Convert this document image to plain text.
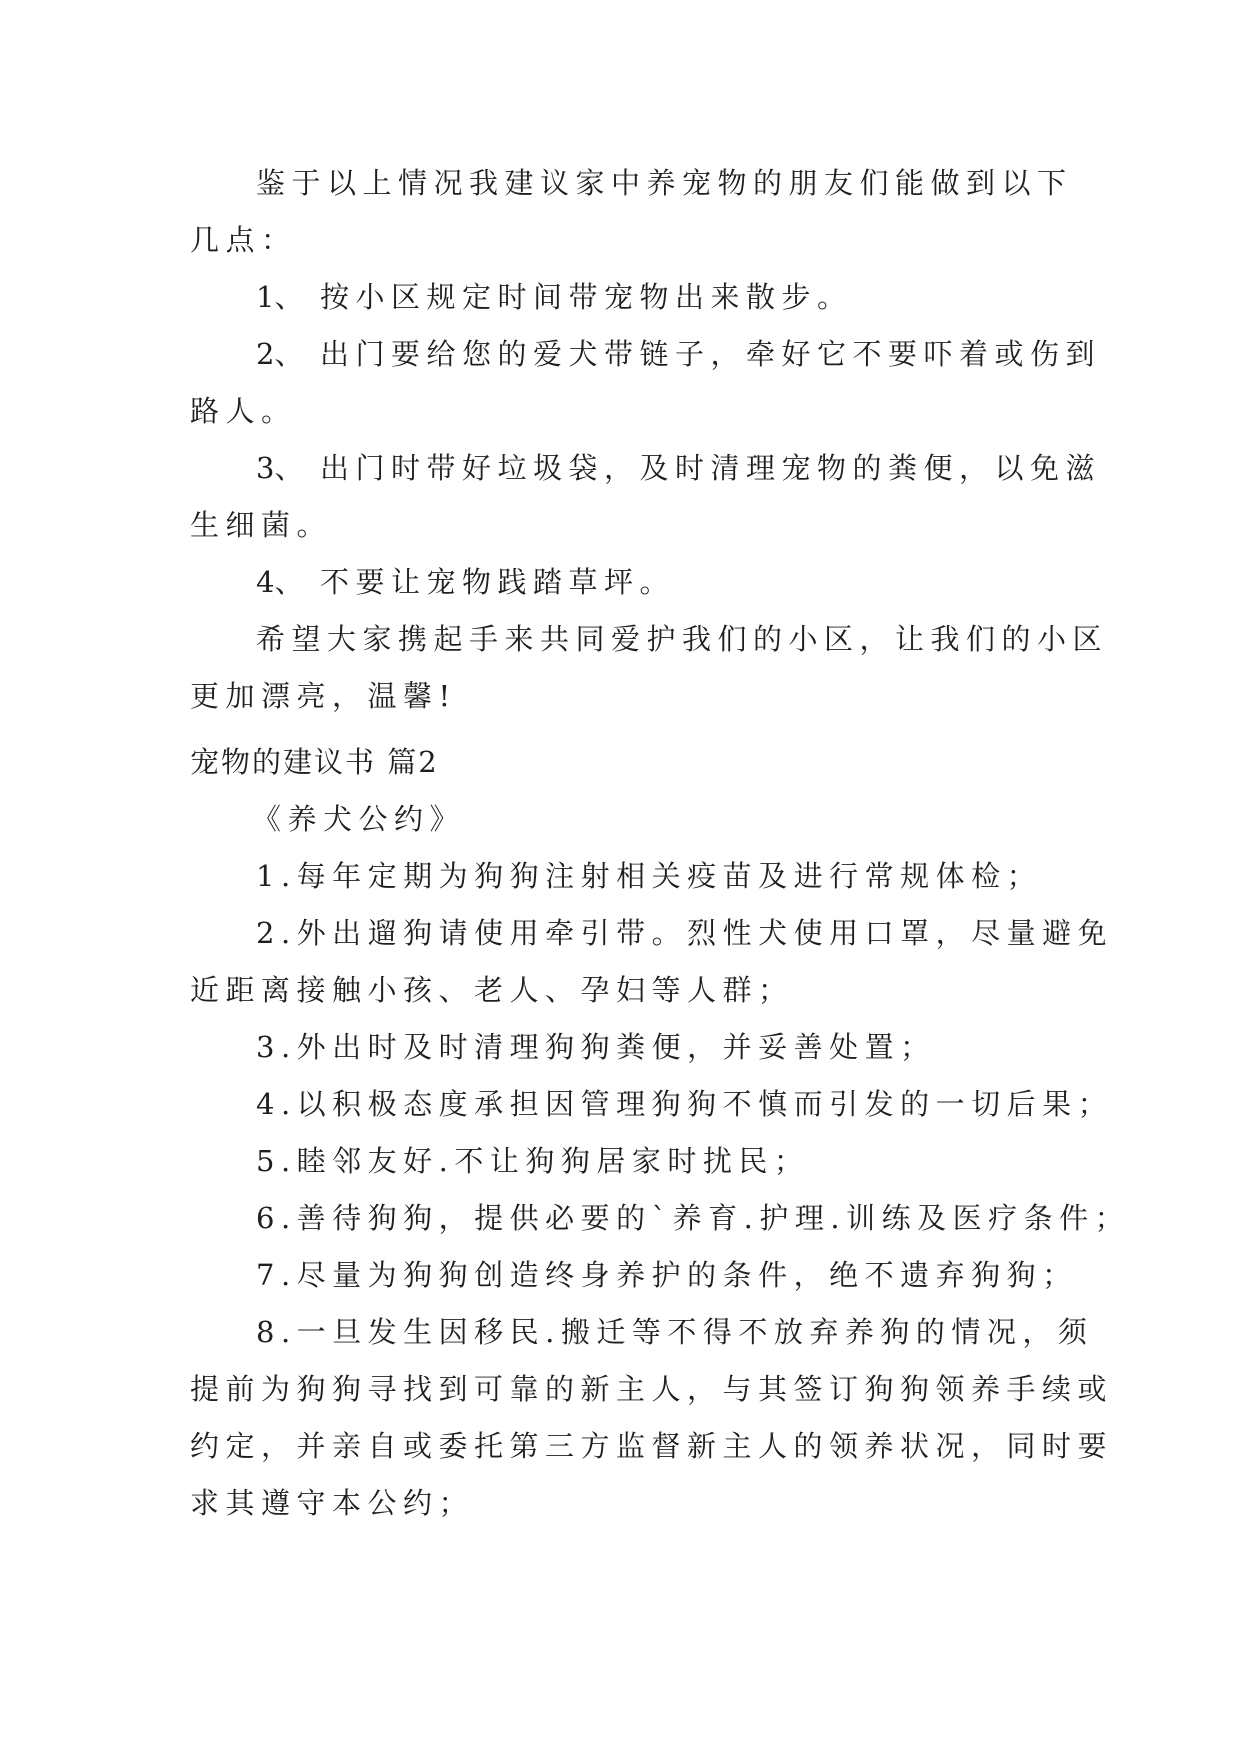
鉴于以上情况我建议家中养宠物的朋友们能做到以下
几点：
1、 按小区规定时间带宠物出来散步。
2、 出门要给您的爱犬带链子，牵好它不要吓着或伤到
路人。
3、 出门时带好垃圾袋，及时清理宠物的粪便，以免滋
生细菌。
4、 不要让宠物践踏草坪。
希望大家携起手来共同爱护我们的小区，让我们的小区
更加漂亮，温馨!
宠物的建议书 篇2
《养犬公约》
1.每年定期为狗狗注射相关疫苗及进行常规体检；
2.外出遛狗请使用牵引带。烈性犬使用口罩，尽量避免
近距离接触小孩、老人、孕妇等人群；
3.外出时及时清理狗狗粪便，并妥善处置；
4.以积极态度承担因管理狗狗不慎而引发的一切后果；
5.睦邻友好.不让狗狗居家时扰民；
6.善待狗狗，提供必要的`养育.护理.训练及医疗条件；
7.尽量为狗狗创造终身养护的条件，绝不遗弃狗狗；
8.一旦发生因移民.搬迁等不得不放弃养狗的情况，须
提前为狗狗寻找到可靠的新主人，与其签订狗狗领养手续或
约定，并亲自或委托第三方监督新主人的领养状况，同时要
求其遵守本公约；
